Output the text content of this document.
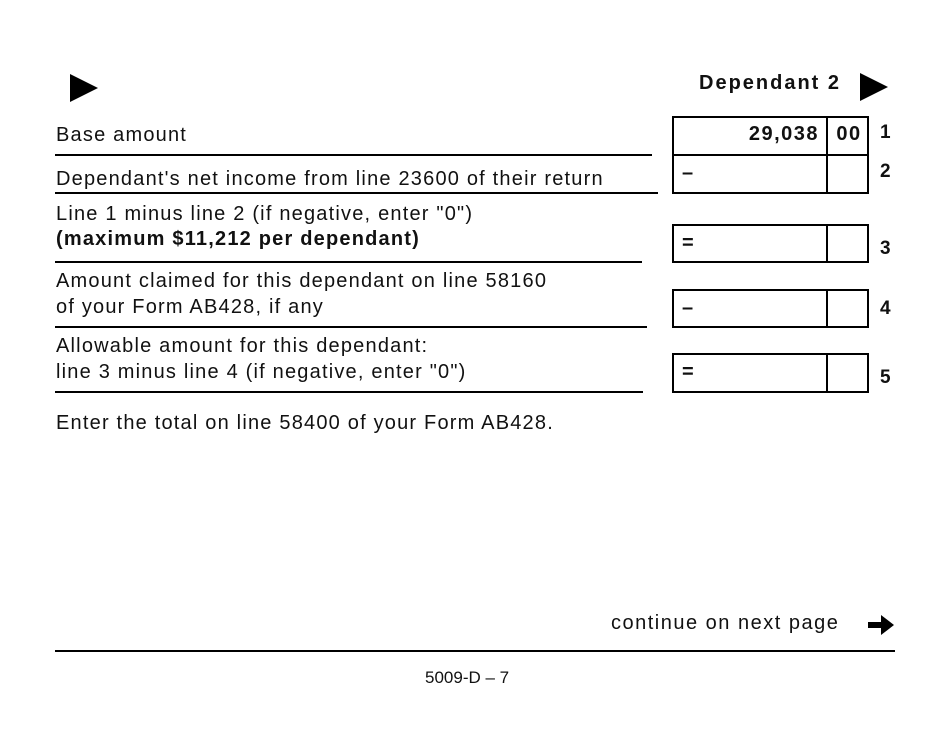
Dependant 2
Base amount	29,038 00 1
Dependant's net income from line 23600 of their return	–	2
Line 1 minus line 2 (if negative, enter "0")
(maximum $11,212 per dependant)	=	3
Amount claimed for this dependant on line 58160
of your Form AB428, if any	–	4
Allowable amount for this dependant:
line 3 minus line 4 (if negative, enter "0")	=	5
Enter the total on line 58400 of your Form AB428.
continue on next page
5009-D – 7
